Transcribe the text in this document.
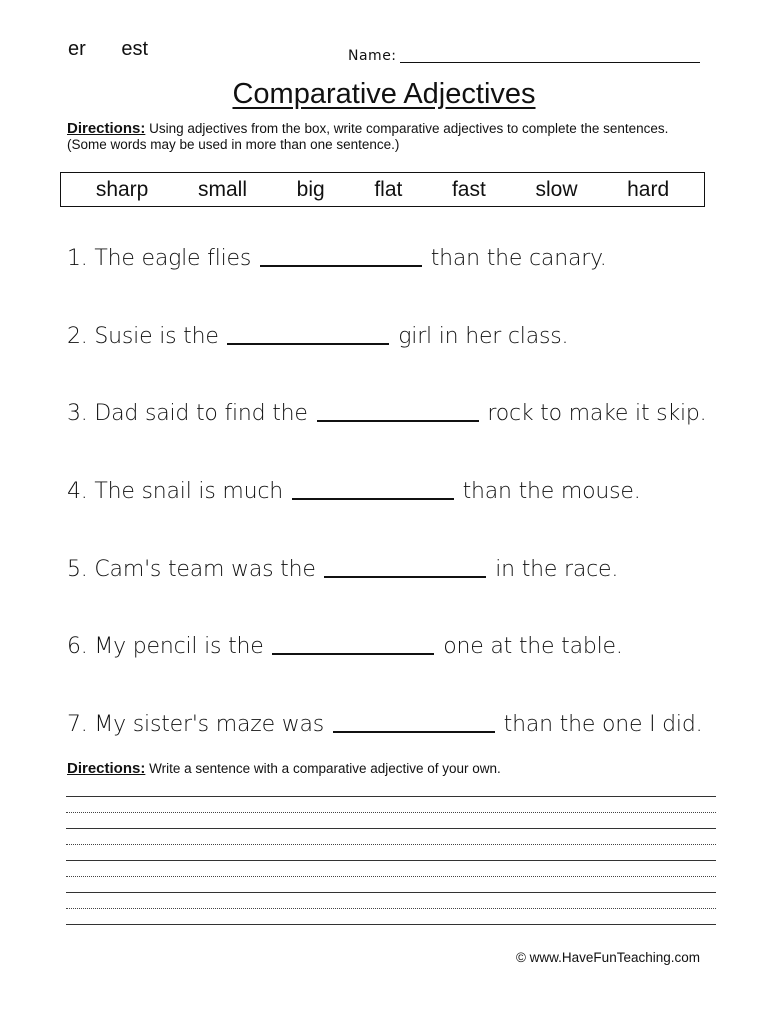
er est	Name:
Comparative Adjectives
Directions: Using adjectives from the box, write comparative adjectives to complete the sentences. (Some words may be used in more than one sentence.)
sharp small big flat fast slow hard
1. The eagle flies	than the canary.
2. Susie is the	girl in her class.
3. Dad said to find the	rock to make it skip.
4. The snail is much	than the mouse.
5. Cam's team was the	in the race.
6. My pencil is the	one at the table.
7. My sister's maze was	than the one I did.
Directions: Write a sentence with a comparative adjective of your own.
© www.HaveFunTeaching.com
